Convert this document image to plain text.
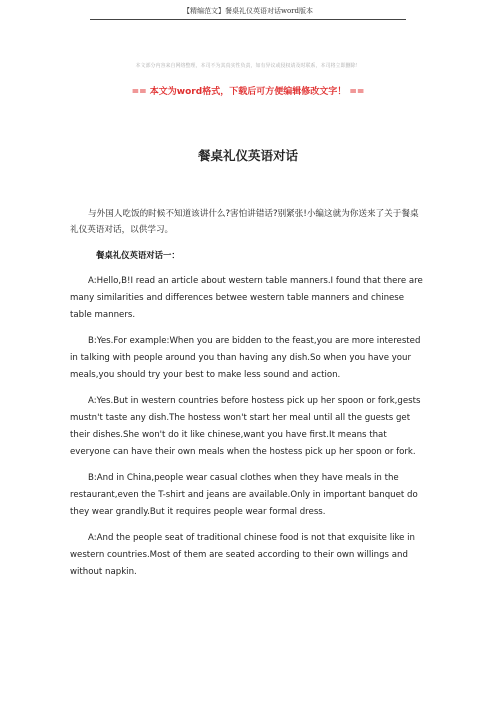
【精编范文】餐桌礼仪英语对话word版本
本文部分内容来自网络整理，本司不为其真实性负责，如有异议或侵权请及时联系，本司将立即删除！
== 本文为word格式，下载后可方便编辑修改文字！ ==
餐桌礼仪英语对话

与外国人吃饭的时候不知道该讲什么?害怕讲错话?别紧张!小编这就为你送来了关于餐桌礼仪英语对话，以供学习。

餐桌礼仪英语对话一：

A:Hello,B!I read an article about western table manners.I found that there are many similarities and differences betwee western table manners and chinese table manners.

B:Yes.For example:When you are bidden to the feast,you are more interested in talking with people around you than having any dish.So when you have your meals,you should try your best to make less sound and action.

A:Yes.But in western countries before hostess pick up her spoon or fork,gests mustn't taste any dish.The hostess won't start her meal until all the guests get their dishes.She won't do it like chinese,want you have first.It means that everyone can have their own meals when the hostess pick up her spoon or fork.

B:And in China,people wear casual clothes when they have meals in the restaurant,even the T-shirt and jeans are available.Only in important banquet do they wear grandly.But it requires people wear formal dress.

A:And the people seat of traditional chinese food is not that exquisite like in western countries.Most of them are seated according to their own willings and without napkin.
